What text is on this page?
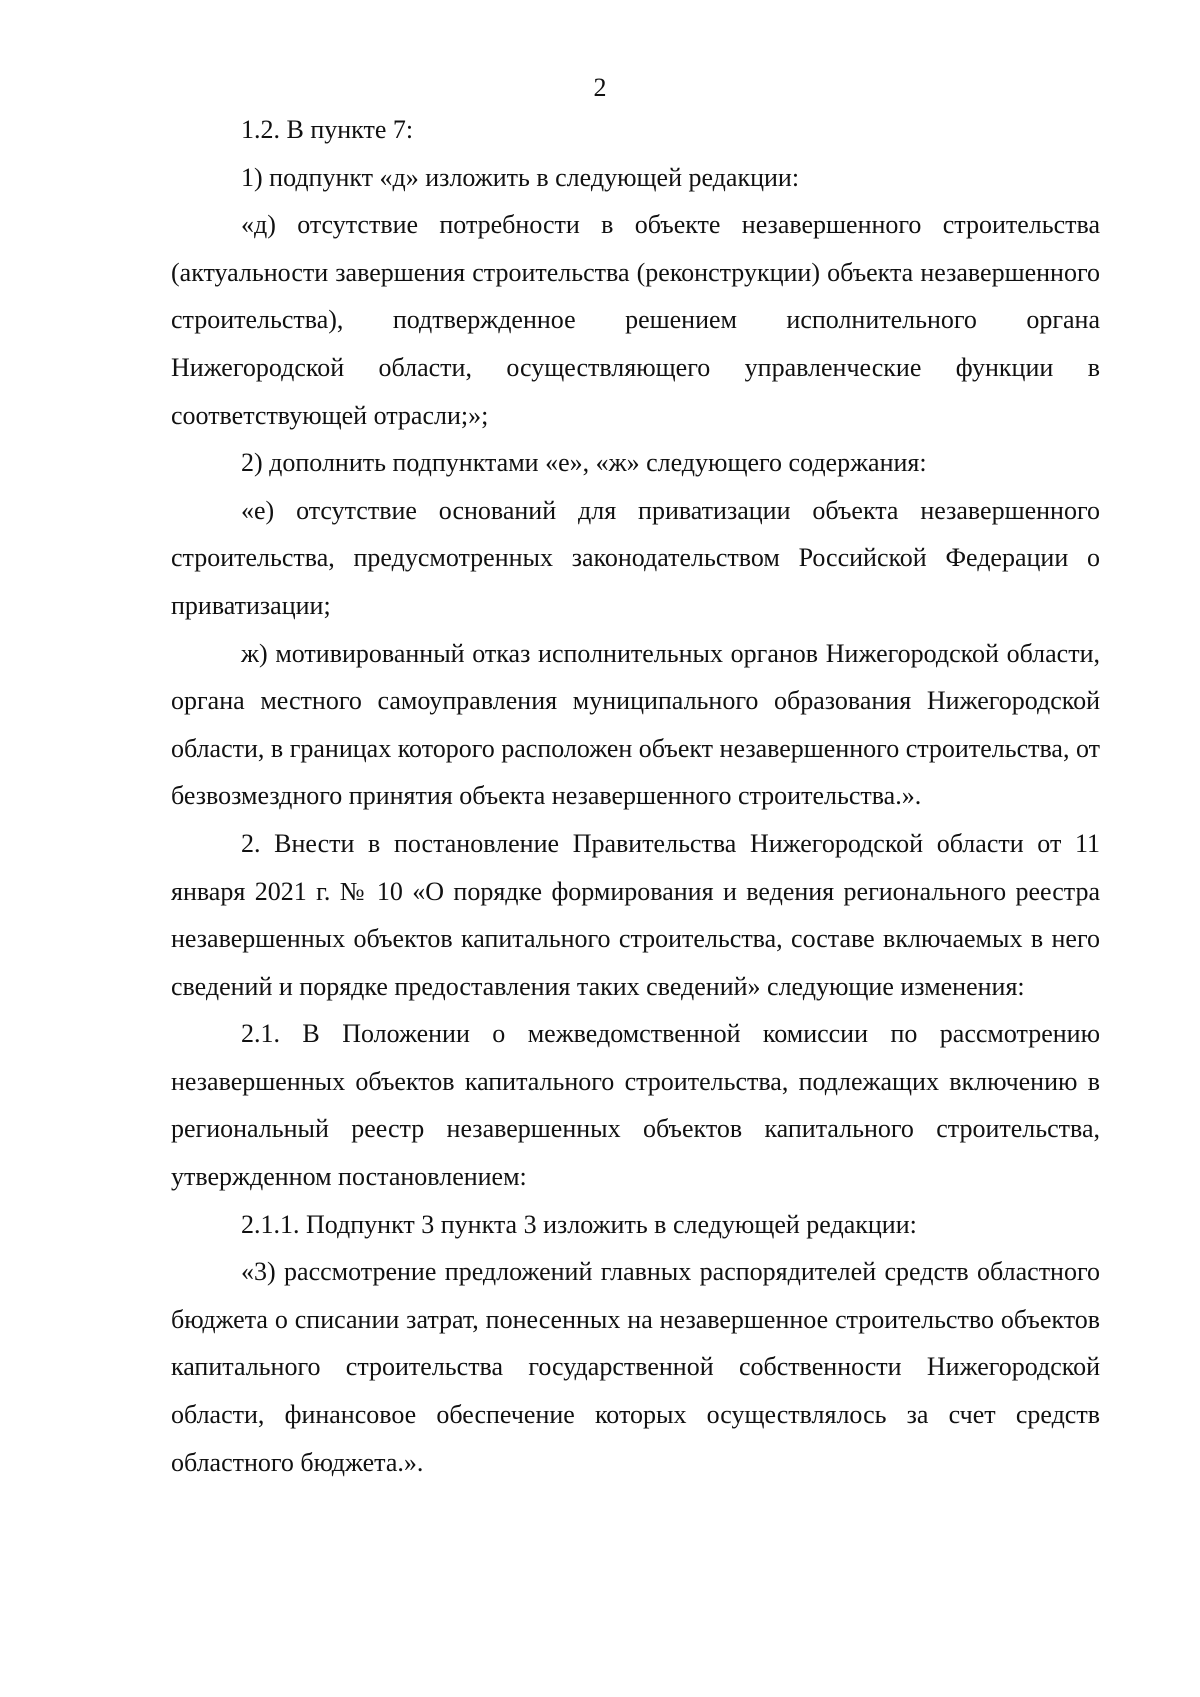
2

1.2. В пункте 7:

1) подпункт «д» изложить в следующей редакции:

«д) отсутствие потребности в объекте незавершенного строительства (актуальности завершения строительства (реконструкции) объекта незавершенного строительства), подтвержденное решением исполнительного органа Нижегородской области, осуществляющего управленческие функции в соответствующей отрасли;»;

2) дополнить подпунктами «е», «ж» следующего содержания:

«е) отсутствие оснований для приватизации объекта незавершенного строительства, предусмотренных законодательством Российской Федерации о приватизации;

ж) мотивированный отказ исполнительных органов Нижегородской области, органа местного самоуправления муниципального образования Нижегородской области, в границах которого расположен объект незавершенного строительства, от безвозмездного принятия объекта незавершенного строительства.».

2. Внести в постановление Правительства Нижегородской области от 11 января 2021 г. № 10 «О порядке формирования и ведения регионального реестра незавершенных объектов капитального строительства, составе включаемых в него сведений и порядке предоставления таких сведений» следующие изменения:

2.1. В Положении о межведомственной комиссии по рассмотрению незавершенных объектов капитального строительства, подлежащих включению в региональный реестр незавершенных объектов капитального строительства, утвержденном постановлением:

2.1.1. Подпункт 3 пункта 3 изложить в следующей редакции:

«3) рассмотрение предложений главных распорядителей средств областного бюджета о списании затрат, понесенных на незавершенное строительство объектов капитального строительства государственной собственности Нижегородской области, финансовое обеспечение которых осуществлялось за счет средств областного бюджета.».
